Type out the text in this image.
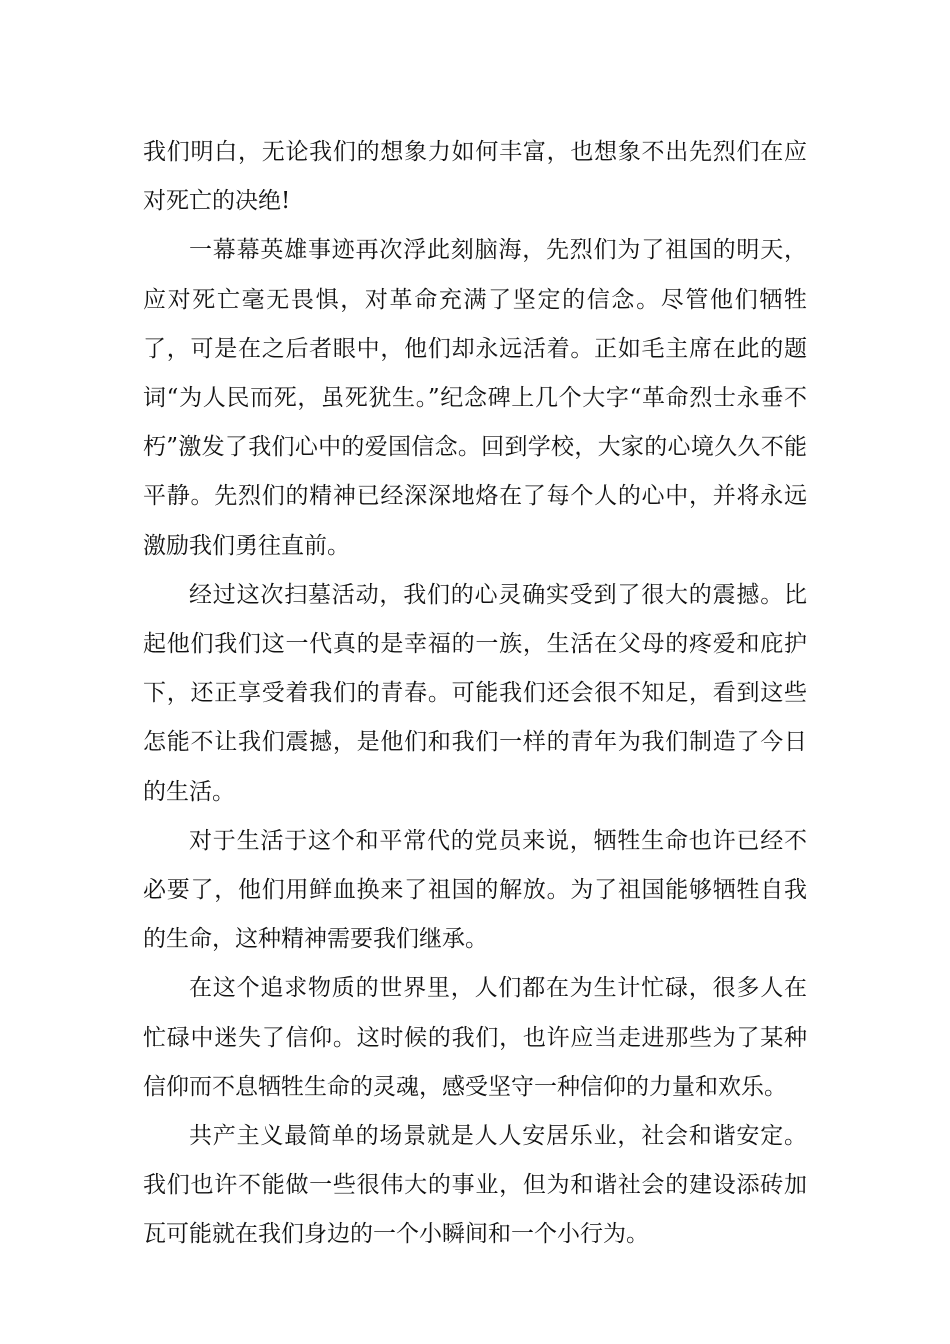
我们明白，无论我们的想象力如何丰富，也想象不出先烈们在应对死亡的决绝!

一幕幕英雄事迹再次浮此刻脑海，先烈们为了祖国的明天，应对死亡毫无畏惧，对革命充满了坚定的信念。尽管他们牺牲了，可是在之后者眼中，他们却永远活着。正如毛主席在此的题词“为人民而死，虽死犹生。”纪念碑上几个大字“革命烈士永垂不朽”激发了我们心中的爱国信念。回到学校，大家的心境久久不能平静。先烈们的精神已经深深地烙在了每个人的心中，并将永远激励我们勇往直前。

经过这次扫墓活动，我们的心灵确实受到了很大的震撼。比起他们我们这一代真的是幸福的一族，生活在父母的疼爱和庇护下，还正享受着我们的青春。可能我们还会很不知足，看到这些怎能不让我们震撼，是他们和我们一样的青年为我们制造了今日的生活。

对于生活于这个和平常代的党员来说，牺牲生命也许已经不必要了，他们用鲜血换来了祖国的解放。为了祖国能够牺牲自我的生命，这种精神需要我们继承。

在这个追求物质的世界里，人们都在为生计忙碌，很多人在忙碌中迷失了信仰。这时候的我们，也许应当走进那些为了某种信仰而不息牺牲生命的灵魂，感受坚守一种信仰的力量和欢乐。

共产主义最简单的场景就是人人安居乐业，社会和谐安定。我们也许不能做一些很伟大的事业，但为和谐社会的建设添砖加瓦可能就在我们身边的一个小瞬间和一个小行为。
